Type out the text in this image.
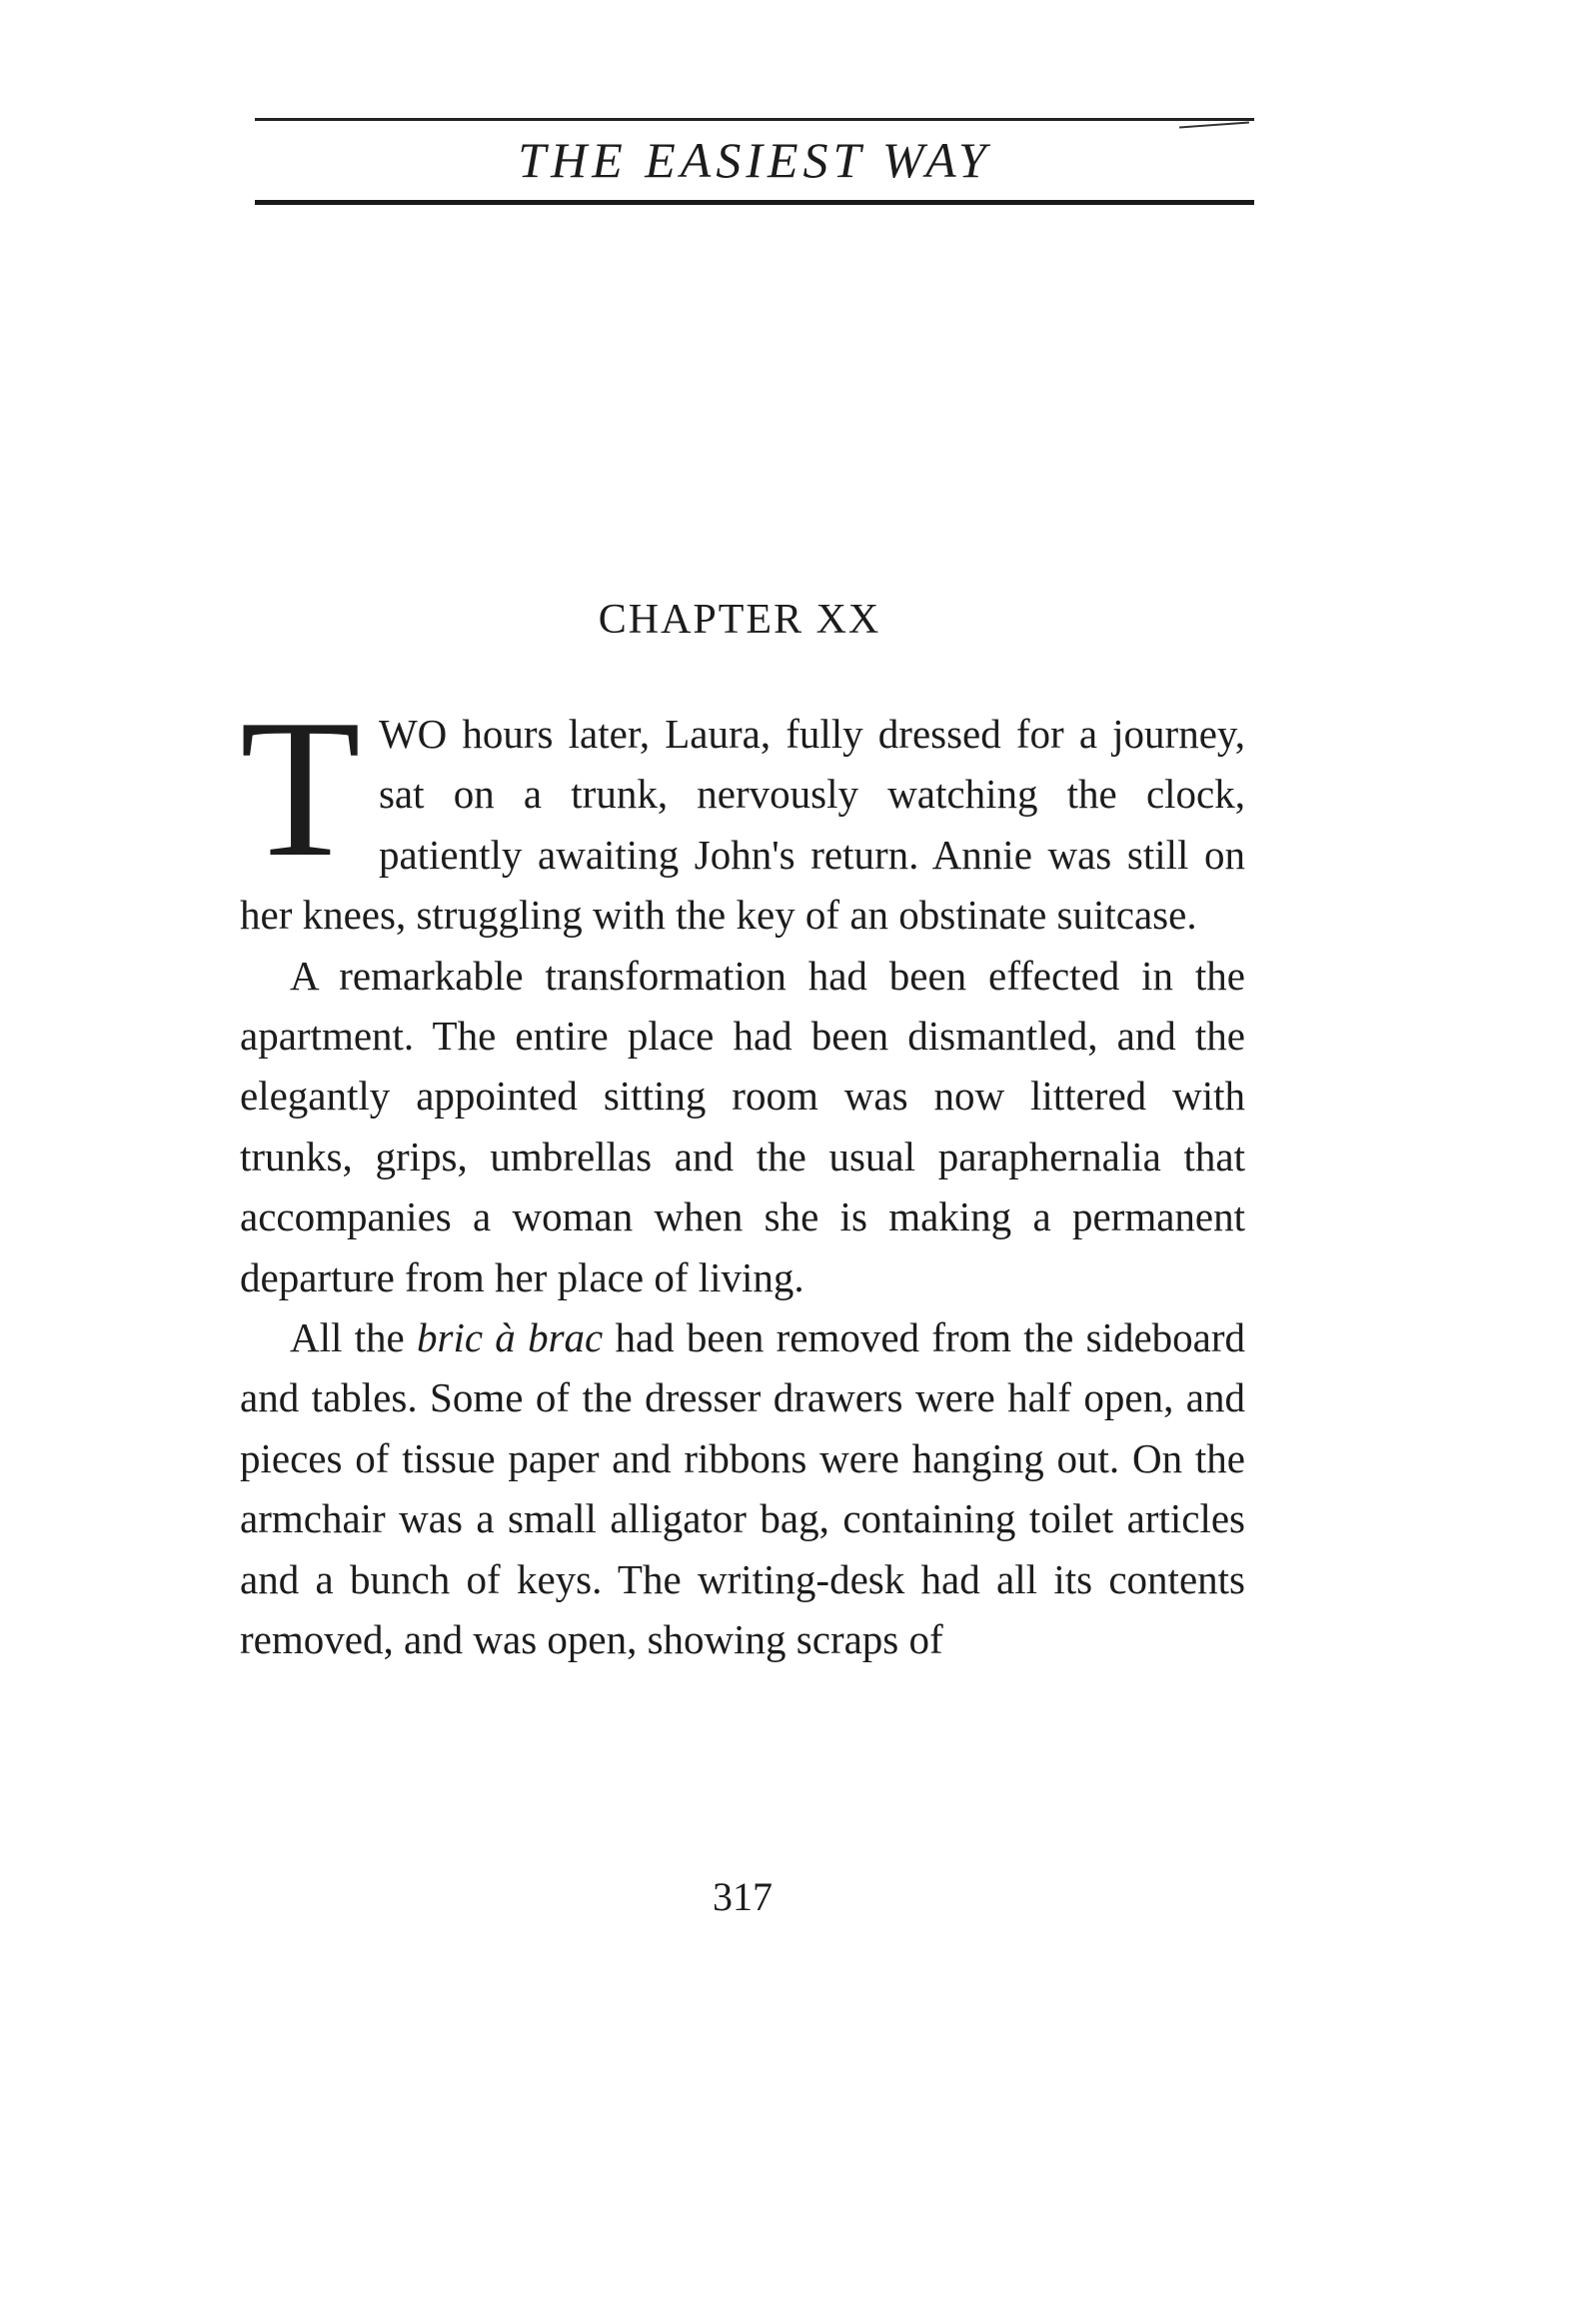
THE EASIEST WAY
CHAPTER XX

TWO hours later, Laura, fully dressed for a journey, sat on a trunk, nervously watching the clock, patiently awaiting John's return. Annie was still on her knees, struggling with the key of an obstinate suitcase.

A remarkable transformation had been effected in the apartment. The entire place had been dismantled, and the elegantly appointed sitting room was now littered with trunks, grips, umbrellas and the usual paraphernalia that accompanies a woman when she is making a permanent departure from her place of living.

All the bric à brac had been removed from the sideboard and tables. Some of the dresser drawers were half open, and pieces of tissue paper and ribbons were hanging out. On the armchair was a small alligator bag, containing toilet articles and a bunch of keys. The writing-desk had all its contents removed, and was open, showing scraps of

317
